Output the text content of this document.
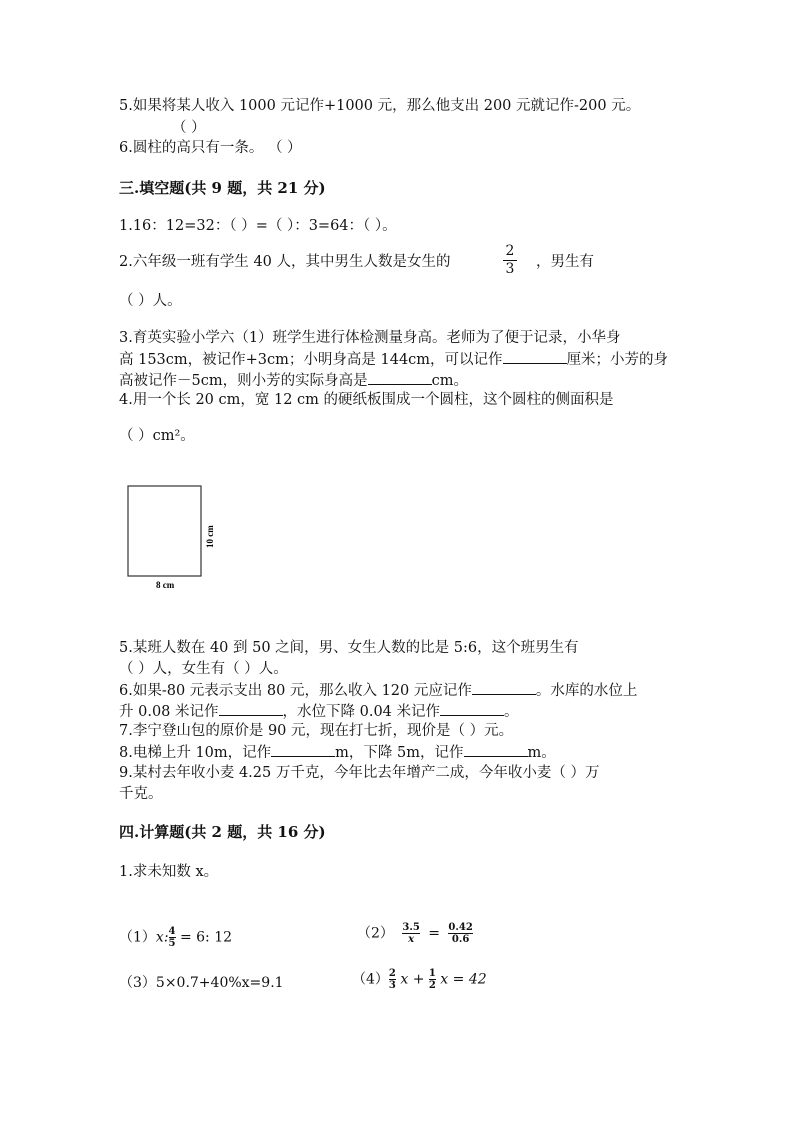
5.如果将某人收入 1000 元记作+1000 元，那么他支出 200 元就记作-200 元。
（ ）
6.圆柱的高只有一条。 （ ）
三.填空题(共 9 题，共 21 分)
1.16：12=32：（ ）=（ ）：3=64：（ ）。
2.六年级一班有学生 40 人，其中男生人数是女生的
2
3 ，男生有
（ ）人。
3.育英实验小学六（1）班学生进行体检测量身高。老师为了便于记录，小华身
高 153cm，被记作+3cm；小明身高是 144cm，可以记作	厘米；小芳的身
高被记作－5cm，则小芳的实际身高是	cm。
4.用一个长 20 cm，宽 12 cm 的硬纸板围成一个圆柱，这个圆柱的侧面积是
（ ）cm²。
10 cm
8 cm
5.某班人数在 40 到 50 之间，男、女生人数的比是 5:6，这个班男生有
（ ）人，女生有（ ）人。
6.如果-80 元表示支出 80 元，那么收入 120 元应记作	。水库的水位上
升 0.08 米记作	，水位下降 0.04 米记作	。
7.李宁登山包的原价是 90 元，现在打七折，现价是（ ）元。
8.电梯上升 10m，记作	m，下降 5m，记作	m。
9.某村去年收小麦 4.25 万千克，今年比去年增产二成，今年收小麦（ ）万
千克。
四.计算题(共 2 题，共 16 分)
1.求未知数 x。
$(1)x:\frac{4}{5} = 6$: 12	$(2) \frac{3.5}{x} = \frac{0.42}{0.6}$
（3）5×0.7+40%x=9.1	$(4)\frac{2}{3}$ $x + \frac{1}{2}$ x = 42
